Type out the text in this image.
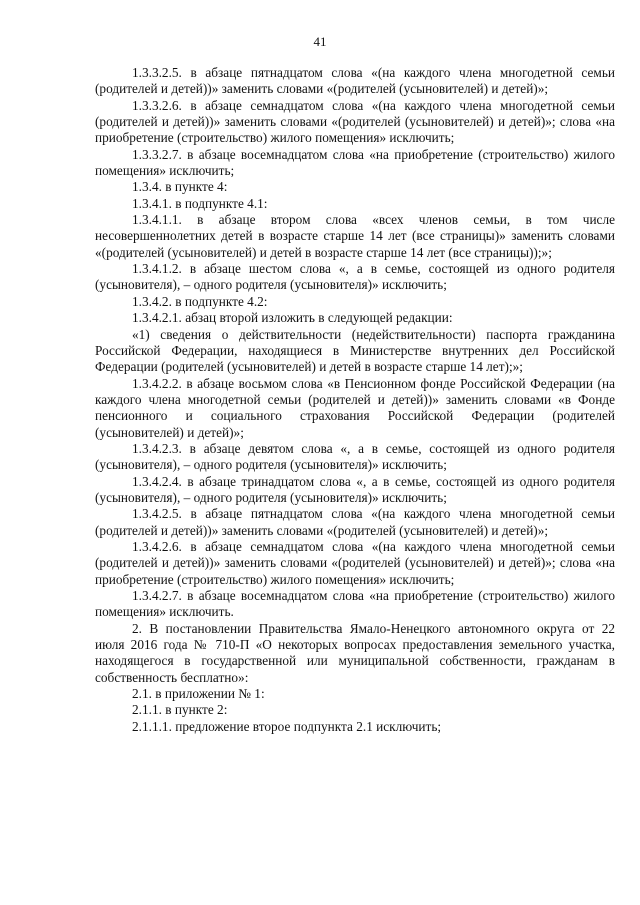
41

1.3.3.2.5. в абзаце пятнадцатом слова «(на каждого члена многодетной семьи (родителей и детей))» заменить словами «(родителей (усыновителей) и детей)»;

1.3.3.2.6. в абзаце семнадцатом слова «(на каждого члена многодетной семьи (родителей и детей))» заменить словами «(родителей (усыновителей) и детей)»; слова «на приобретение (строительство) жилого помещения» исключить;

1.3.3.2.7. в абзаце восемнадцатом слова «на приобретение (строительство) жилого помещения» исключить;

1.3.4. в пункте 4:

1.3.4.1. в подпункте 4.1:

1.3.4.1.1. в абзаце втором слова «всех членов семьи, в том числе несовершеннолетних детей в возрасте старше 14 лет (все страницы)» заменить словами «(родителей (усыновителей) и детей в возрасте старше 14 лет (все страницы));»;

1.3.4.1.2. в абзаце шестом слова «, а в семье, состоящей из одного родителя (усыновителя), – одного родителя (усыновителя)» исключить;

1.3.4.2. в подпункте 4.2:

1.3.4.2.1. абзац второй изложить в следующей редакции:

«1) сведения о действительности (недействительности) паспорта гражданина Российской Федерации, находящиеся в Министерстве внутренних дел Российской Федерации (родителей (усыновителей) и детей в возрасте старше 14 лет);»;

1.3.4.2.2. в абзаце восьмом слова «в Пенсионном фонде Российской Федерации (на каждого члена многодетной семьи (родителей и детей))» заменить словами «в Фонде пенсионного и социального страхования Российской Федерации (родителей (усыновителей) и детей)»;

1.3.4.2.3. в абзаце девятом слова «, а в семье, состоящей из одного родителя (усыновителя), – одного родителя (усыновителя)» исключить;

1.3.4.2.4. в абзаце тринадцатом слова «, а в семье, состоящей из одного родителя (усыновителя), – одного родителя (усыновителя)» исключить;

1.3.4.2.5. в абзаце пятнадцатом слова «(на каждого члена многодетной семьи (родителей и детей))» заменить словами «(родителей (усыновителей) и детей)»;

1.3.4.2.6. в абзаце семнадцатом слова «(на каждого члена многодетной семьи (родителей и детей))» заменить словами «(родителей (усыновителей) и детей)»; слова «на приобретение (строительство) жилого помещения» исключить;

1.3.4.2.7. в абзаце восемнадцатом слова «на приобретение (строительство) жилого помещения» исключить.

2. В постановлении Правительства Ямало-Ненецкого автономного округа от 22 июля 2016 года № 710-П «О некоторых вопросах предоставления земельного участка, находящегося в государственной или муниципальной собственности, гражданам в собственность бесплатно»:

2.1. в приложении № 1:

2.1.1. в пункте 2:

2.1.1.1. предложение второе подпункта 2.1 исключить;
